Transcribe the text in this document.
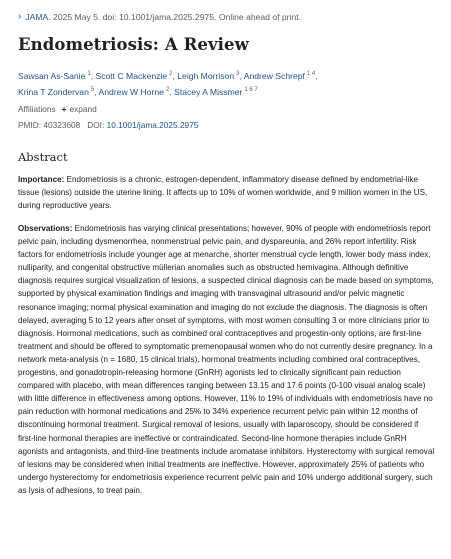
› JAMA . 2025 May 5. doi: 10.1001/jama.2025.2975. Online ahead of print.
Endometriosis: A Review
Sawsan As-Sanie $^1$, Scott C Mackenzie $^2$, Leigh Morrison $^3$, Andrew Schrepf $^{1 4}$,
Krina T Zondervan $^5$, Andrew W Horne $^2$, Stacey A Missmer $^{1 6 7}$
Affiliations + expand
PMID: 40323608 DOI: 10.1001/jama.2025.2975
Abstract

Importance: Endometriosis is a chronic, estrogen-dependent, inflammatory disease defined by endometrial-like tissue (lesions) outside the uterine lining. It affects up to 10% of women worldwide, and 9 million women in the US, during reproductive years.

Observations: Endometriosis has varying clinical presentations; however, 90% of people with endometriosis report pelvic pain, including dysmenorrhea, nonmenstrual pelvic pain, and dyspareunia, and 26% report infertility. Risk factors for endometriosis include younger age at menarche, shorter menstrual cycle length, lower body mass index, nulliparity, and congenital obstructive müllerian anomalies such as obstructed hemivagina. Although definitive diagnosis requires surgical visualization of lesions, a suspected clinical diagnosis can be made based on symptoms, supported by physical examination findings and imaging with transvaginal ultrasound and/or pelvic magnetic resonance imaging; normal physical examination and imaging do not exclude the diagnosis. The diagnosis is often delayed, averaging 5 to 12 years after onset of symptoms, with most women consulting 3 or more clinicians prior to diagnosis. Hormonal medications, such as combined oral contraceptives and progestin-only options, are first-line treatment and should be offered to symptomatic premenopausal women who do not currently desire pregnancy. In a network meta-analysis (n = 1680, 15 clinical trials), hormonal treatments including combined oral contraceptives, progestins, and gonadotropin-releasing hormone (GnRH) agonists led to clinically significant pain reduction compared with placebo, with mean differences ranging between 13.15 and 17.6 points (0-100 visual analog scale) with little difference in effectiveness among options. However, 11% to 19% of individuals with endometriosis have no pain reduction with hormonal medications and 25% to 34% experience recurrent pelvic pain within 12 months of discontinuing hormonal treatment. Surgical removal of lesions, usually with laparoscopy, should be considered if first-line hormonal therapies are ineffective or contraindicated. Second-line hormone therapies include GnRH agonists and antagonists, and third-line treatments include aromatase inhibitors. Hysterectomy with surgical removal of lesions may be considered when initial treatments are ineffective. However, approximately 25% of patients who undergo hysterectomy for endometriosis experience recurrent pelvic pain and 10% undergo additional surgery, such as lysis of adhesions, to treat pain.
